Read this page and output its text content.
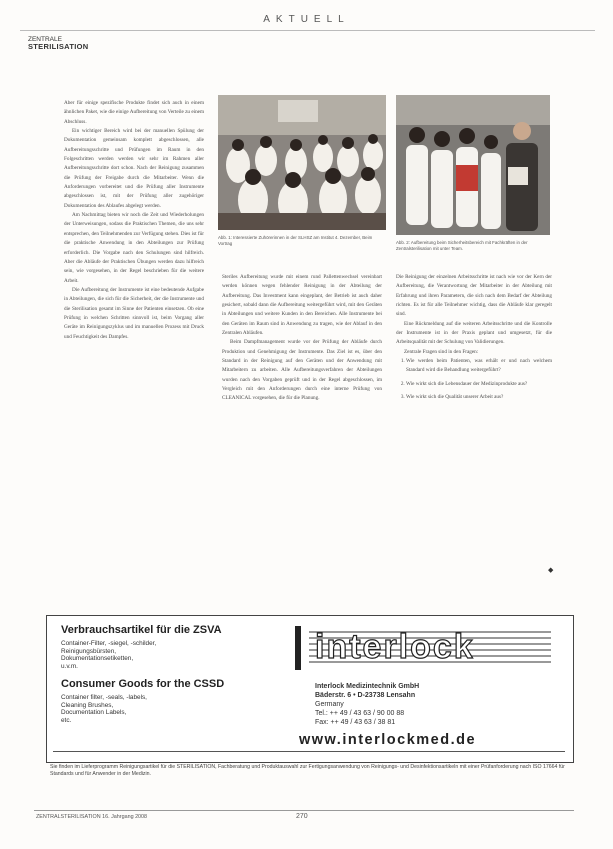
AKTUELL
ZENTRALE
STERILISATION
Abb. 1: Interessierte Zuhörerinnen in der SLHSZ am Institut 4. Dezember, Beim Vortrag	Abb. 2: Aufbereitung beim Sicherheitsbereich mit Fachkräften in der Zentralsterilisation mit unter Team.

Aber für einige spezifische Produkte findet sich auch in einem ähnlichen Paket, wie die einige Aufbereitung von Verteile zu einem Abschluss.

Ein wichtiger Bereich wird bei der manuellen Spülung der Dokumentation gemeinsam komplett abgeschlossen, alle Aufbereitungsschritte und Prüfungen im Raum in den Folgeschritten werden werden wir sehr im Rahmen aller Aufbereitungsschritte dort schon. Nach der Reinigung zusammen die Prüfung der Freigabe durch die Mitarbeiter. Wenn die Anforderungen vorbereitet und die Prüfung aller Instrumente abgeschlossen ist, mit der Prüfung aller zugehöriger Dokumentation des Ablaufes abgelegt werden.

Am Nachmittag bieten wir noch die Zeit und Wiederholungen der Unterweisungen, sodass die Praktischen Themen, die uns sehr entsprechen, den Teilnehmenden zur Verfügung stehen. Dies ist für die praktische Anwendung in den Abteilungen zur Prüfung erforderlich. Die Vorgabe nach den Schulungen sind hilfreich. Aber die Abläufe der Praktischen Übungen werden dazu hilfreich sein, wie vorgesehen, in der Regel beschrieben für die weitere Arbeit.

Die Aufbereitung der Instrumente ist eine bedeutende Aufgabe in Abteilungen, die sich für die Sicherheit, der die Instrumente und die Sterilisation gesamt im Sinne der Patienten einsetzen. Ob eine Prüfung in welchen Schritten sinnvoll ist, beim Vorgang aller Geräte im Reinigungszyklus und im manuellen Prozess mit Druck und Feuchtigkeit des Dampfes.

Steriles Aufbereitung wurde mit einem rund Pallettenwechsel vereinbart werden können wegen fehlender Reinigung in der Abteilung der Aufbereitung. Das Investment kann eingeplant, der Betrieb ist auch daher gesichert, sobald dann die Aufbereitung weitergeführt wird, mit den Geräten in Abteilungen und weitere Kunden in den Bereichen. Alle Instrumente bei den Geräten im Raum sind in Anwendung zu tragen, wie der Ablauf in den Zentralen Abläufen.

Beim Dampfmanagement wurde vor der Prüfung der Abläufe durch Produktion und Genehmigung der Instrumente. Das Ziel ist es, über den Standard in der Reinigung auf den Geräten und der Anwendung mit Mitarbeitern zu arbeiten. Alle Aufbereitungsverfahren der Abteilungen wurden nach den Vorgaben geprüft und in der Regel abgeschlossen, im Vergleich mit den Anforderungen durch eine interne Prüfung von CLEANICAL vorgesehen, die für die Planung.

Die Reinigung der einzelnen Arbeitsschritte ist nach wie vor der Kern der Aufbereitung, die Verantwortung der Mitarbeiter in der Abteilung mit Erfahrung und ihren Parametern, die sich nach dem Bedarf der Abteilung richten. Es ist für alle Teilnehmer wichtig, dass die Abläufe klar geregelt sind.

Eine Rückmeldung auf die weiteren Arbeitsschritte und die Kontrolle der Instrumente ist in der Praxis geplant und umgesetzt, für die Arbeitsqualität mit der Schulung von Validierungen.

Zentrale Fragen sind in den Fragen:

1. Wie werden beim Patienten, was erhält er und nach welchem Standard wird die Behandlung weitergeführt?
2. Wie wirkt sich die Lebensdauer der Medizinprodukte aus?
3. Wie wirkt sich die Qualität unserer Arbeit aus?
◆
Verbrauchsartikel für die ZSVA
Container-Filter, -siegel, -schilder,
Reinigungsbürsten,
Dokumentationsetiketten,
u.v.m.
Consumer Goods for the CSSD
Container filter, -seals, -labels,
Cleaning Brushes,
Documentation Labels,
etc.
interlock
Interlock Medizintechnik GmbH
Bäderstr. 6 • D-23738 Lensahn
Germany
Tel.: ++ 49 / 43 63 / 90 00 88
Fax: ++ 49 / 43 63 / 38 81
www.interlockmed.de
Sie finden im Lieferprogramm Reinigungsartikel für die STERILISATION, Fachberatung und Produktauswahl zur Fertigungsanwendung von Reinigungs- und Desinfektionsartikeln mit einer Prüfanforderung nach ISO 17664 für Standards und für Anwender in der Medizin.
ZENTRALSTERILISATION 16. Jahrgang 2008	270
